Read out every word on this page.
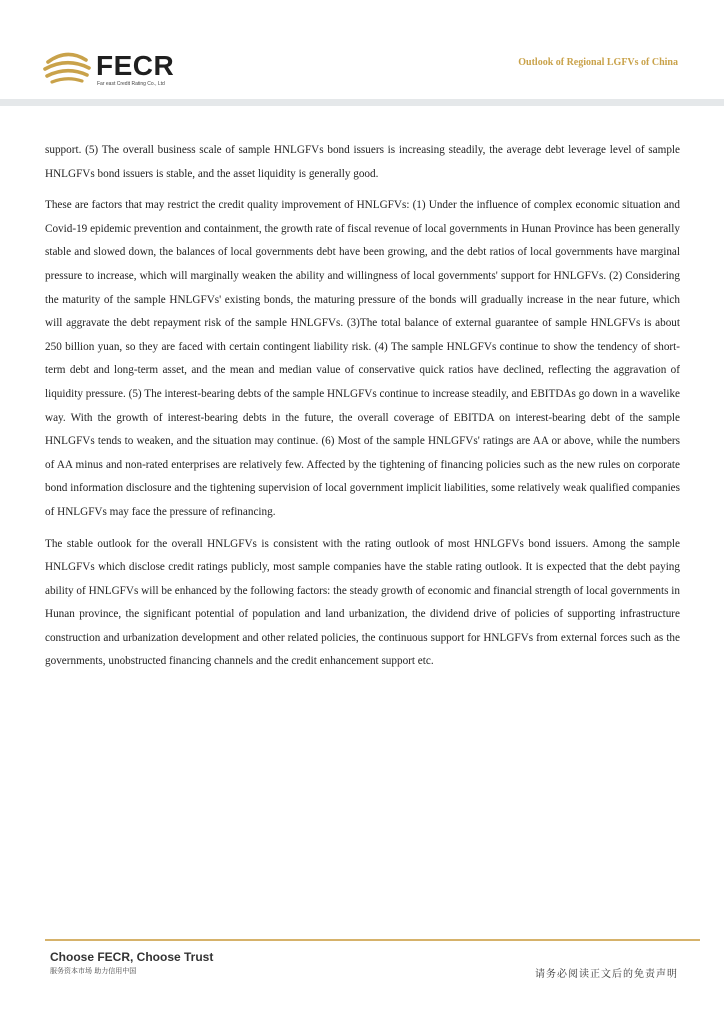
FECR
Far east Credit Rating Co., Ltd
Outlook of Regional LGFVs of China

support. (5) The overall business scale of sample HNLGFVs bond issuers is increasing steadily, the average debt leverage level of sample HNLGFVs bond issuers is stable, and the asset liquidity is generally good.

These are factors that may restrict the credit quality improvement of HNLGFVs: (1) Under the influence of complex economic situation and Covid-19 epidemic prevention and containment, the growth rate of fiscal revenue of local governments in Hunan Province has been generally stable and slowed down, the balances of local governments debt have been growing, and the debt ratios of local governments have marginal pressure to increase, which will marginally weaken the ability and willingness of local governments' support for HNLGFVs. (2) Considering the maturity of the sample HNLGFVs' existing bonds, the maturing pressure of the bonds will gradually increase in the near future, which will aggravate the debt repayment risk of the sample HNLGFVs. (3)The total balance of external guarantee of sample HNLGFVs is about 250 billion yuan, so they are faced with certain contingent liability risk. (4) The sample HNLGFVs continue to show the tendency of short-term debt and long-term asset, and the mean and median value of conservative quick ratios have declined, reflecting the aggravation of liquidity pressure. (5) The interest-bearing debts of the sample HNLGFVs continue to increase steadily, and EBITDAs go down in a wavelike way. With the growth of interest-bearing debts in the future, the overall coverage of EBITDA on interest-bearing debt of the sample HNLGFVs tends to weaken, and the situation may continue. (6) Most of the sample HNLGFVs' ratings are AA or above, while the numbers of AA minus and non-rated enterprises are relatively few. Affected by the tightening of financing policies such as the new rules on corporate bond information disclosure and the tightening supervision of local government implicit liabilities, some relatively weak qualified companies of HNLGFVs may face the pressure of refinancing.

The stable outlook for the overall HNLGFVs is consistent with the rating outlook of most HNLGFVs bond issuers. Among the sample HNLGFVs which disclose credit ratings publicly, most sample companies have the stable rating outlook. It is expected that the debt paying ability of HNLGFVs will be enhanced by the following factors: the steady growth of economic and financial strength of local governments in Hunan province, the significant potential of population and land urbanization, the dividend drive of policies of supporting infrastructure construction and urbanization development and other related policies, the continuous support for HNLGFVs from external forces such as the governments, unobstructed financing channels and the credit enhancement support etc.

Choose FECR, Choose Trust
服务资本市场 助力信用中国	请务必阅读正文后的免责声明
